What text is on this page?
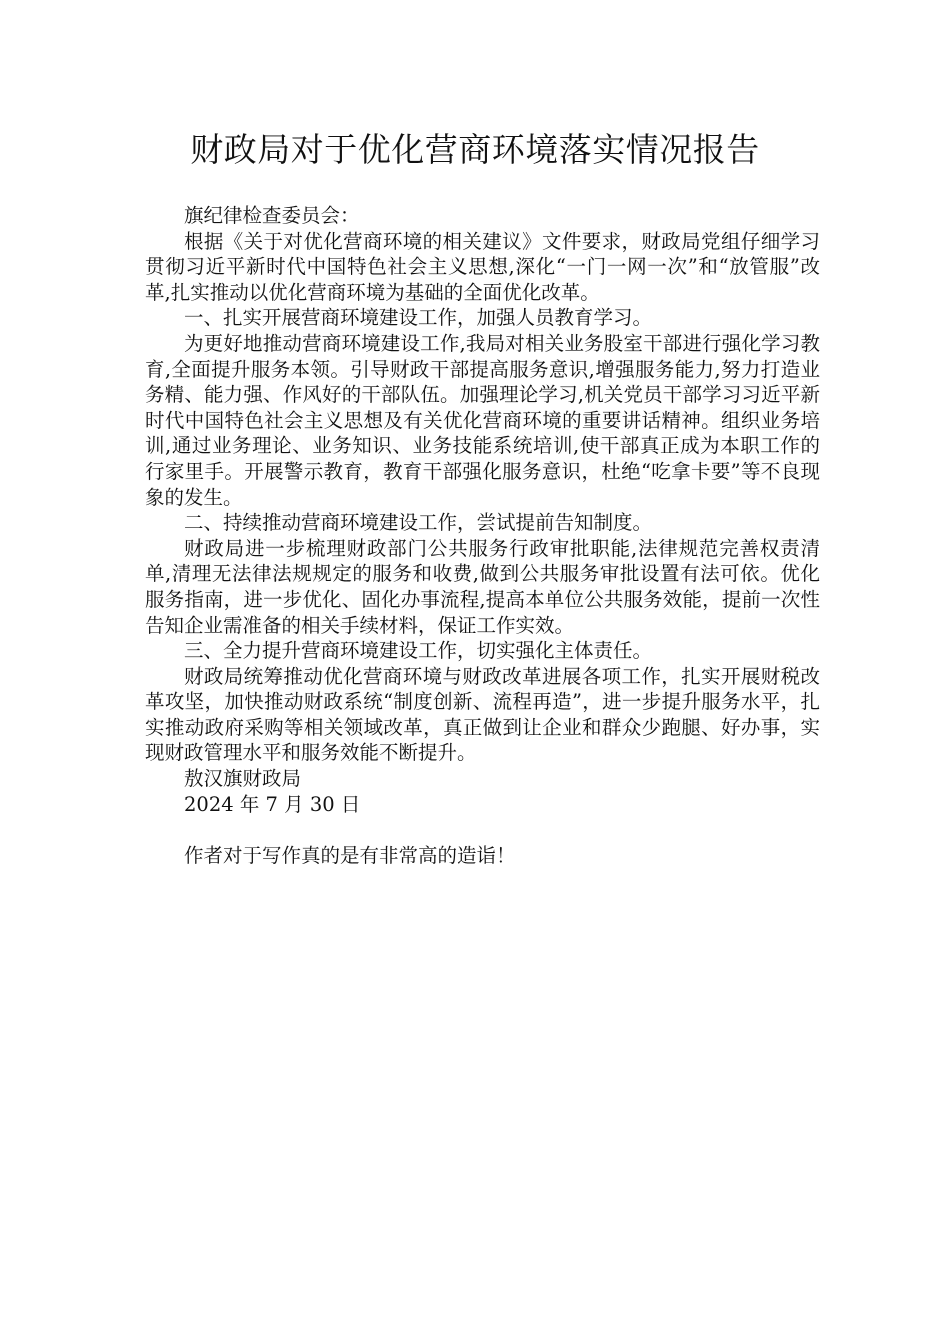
财政局对于优化营商环境落实情况报告

旗纪律检查委员会：

根据《关于对优化营商环境的相关建议》文件要求，财政局党组仔细学习贯彻习近平新时代中国特色社会主义思想,深化“一门一网一次”和“放管服”改革,扎实推动以优化营商环境为基础的全面优化改革。

一、扎实开展营商环境建设工作，加强人员教育学习。

为更好地推动营商环境建设工作,我局对相关业务股室干部进行强化学习教育,全面提升服务本领。引导财政干部提高服务意识,增强服务能力,努力打造业务精、能力强、作风好的干部队伍。加强理论学习,机关党员干部学习习近平新时代中国特色社会主义思想及有关优化营商环境的重要讲话精神。组织业务培训,通过业务理论、业务知识、业务技能系统培训,使干部真正成为本职工作的行家里手。开展警示教育，教育干部强化服务意识，杜绝“吃拿卡要”等不良现象的发生。

二、持续推动营商环境建设工作，尝试提前告知制度。

财政局进一步梳理财政部门公共服务行政审批职能,法律规范完善权责清单,清理无法律法规规定的服务和收费,做到公共服务审批设置有法可依。优化服务指南，进一步优化、固化办事流程,提高本单位公共服务效能，提前一次性告知企业需准备的相关手续材料，保证工作实效。

三、全力提升营商环境建设工作，切实强化主体责任。

财政局统筹推动优化营商环境与财政改革进展各项工作，扎实开展财税改革攻坚，加快推动财政系统“制度创新、流程再造”，进一步提升服务水平，扎实推动政府采购等相关领域改革，真正做到让企业和群众少跑腿、好办事，实现财政管理水平和服务效能不断提升。

敖汉旗财政局

2024 年 7 月 30 日

作者对于写作真的是有非常高的造诣！
